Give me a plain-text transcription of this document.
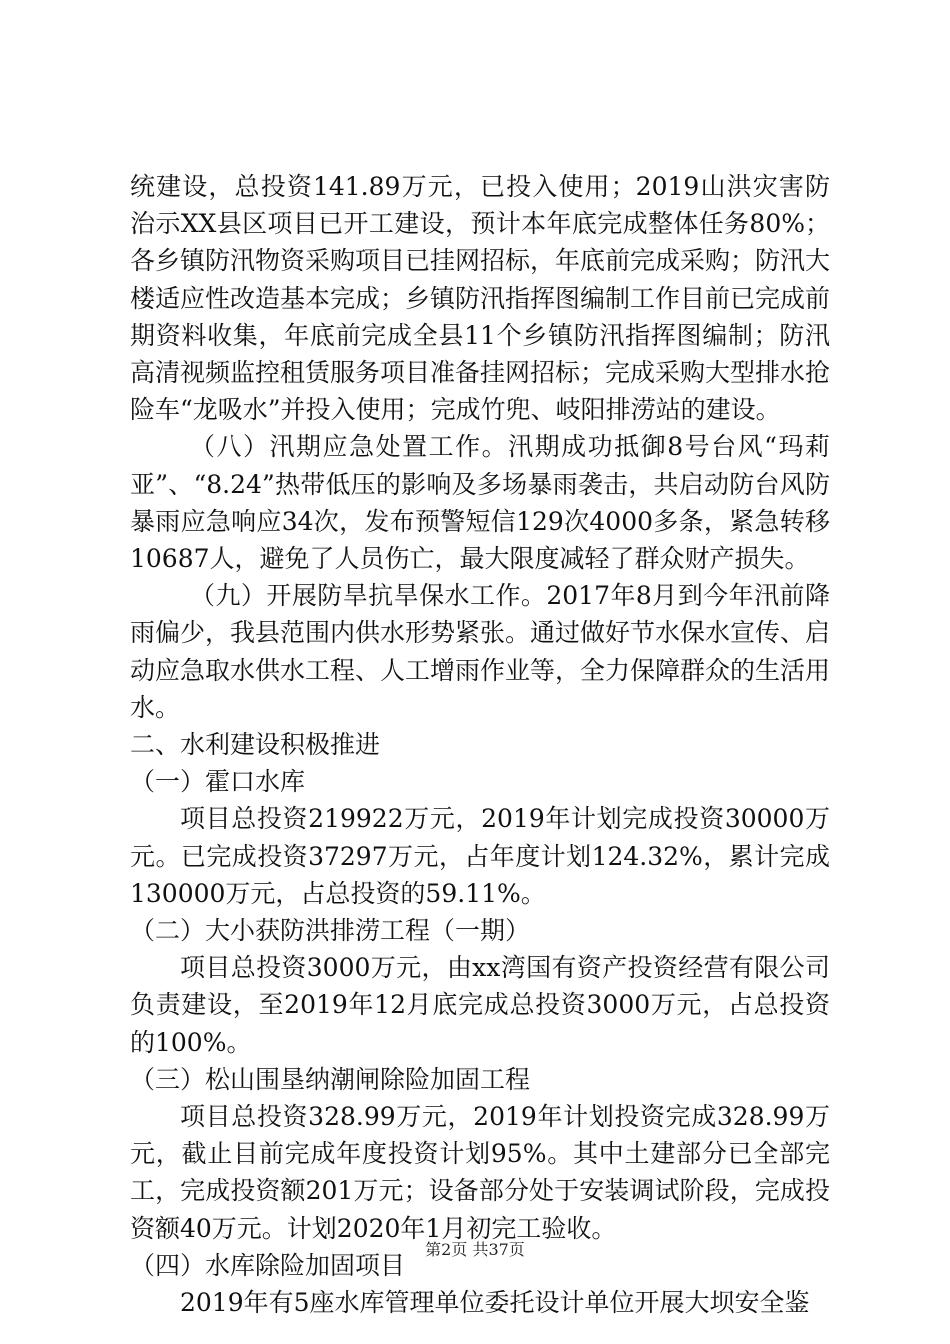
统建设，总投资141.89万元，已投入使用；2019山洪灾害防治示XX县区项目已开工建设，预计本年底完成整体任务80%；各乡镇防汛物资采购项目已挂网招标，年底前完成采购；防汛大楼适应性改造基本完成；乡镇防汛指挥图编制工作目前已完成前期资料收集，年底前完成全县11个乡镇防汛指挥图编制；防汛高清视频监控租赁服务项目准备挂网招标；完成采购大型排水抢险车“龙吸水”并投入使用；完成竹兜、岐阳排涝站的建设。

（八）汛期应急处置工作。汛期成功抵御8号台风“玛莉亚”、“8.24”热带低压的影响及多场暴雨袭击，共启动防台风防暴雨应急响应34次，发布预警短信129次4000多条，紧急转移10687人，避免了人员伤亡，最大限度减轻了群众财产损失。

（九）开展防旱抗旱保水工作。2017年8月到今年汛前降雨偏少，我县范围内供水形势紧张。通过做好节水保水宣传、启动应急取水供水工程、人工增雨作业等，全力保障群众的生活用水。

二、水利建设积极推进

（一）霍口水库

项目总投资219922万元，2019年计划完成投资30000万元。已完成投资37297万元，占年度计划124.32%，累计完成130000万元，占总投资的59.11%。

（二）大小获防洪排涝工程（一期）

项目总投资3000万元，由xx湾国有资产投资经营有限公司负责建设，至2019年12月底完成总投资3000万元，占总投资的100%。

（三）松山围垦纳潮闸除险加固工程

项目总投资328.99万元，2019年计划投资完成328.99万元，截止目前完成年度投资计划95%。其中土建部分已全部完工，完成投资额201万元；设备部分处于安装调试阶段，完成投资额40万元。计划2020年1月初完工验收。

（四）水库除险加固项目

2019年有5座水库管理单位委托设计单位开展大坝安全鉴

第2页 共37页
